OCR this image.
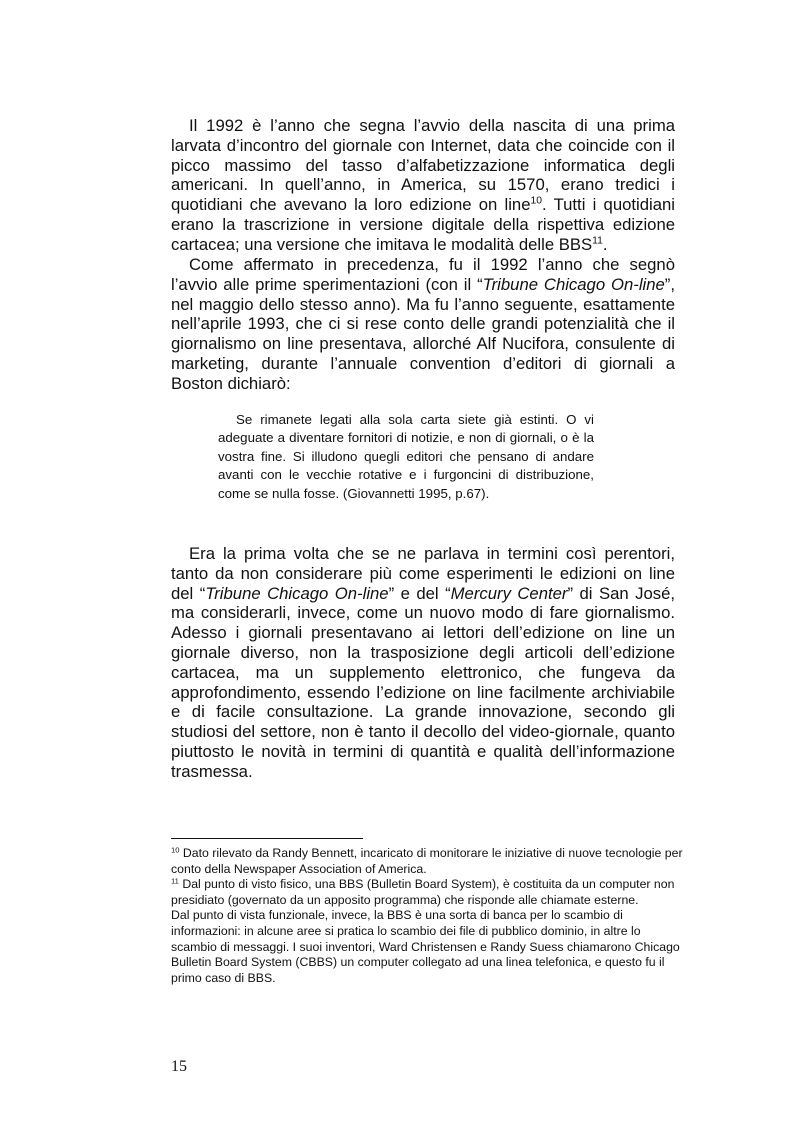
Il 1992 è l’anno che segna l’avvio della nascita di una prima larvata d’incontro del giornale con Internet, data che coincide con il picco massimo del tasso d’alfabetizzazione informatica degli americani. In quell’anno, in America, su 1570, erano tredici i quotidiani che avevano la loro edizione on line$^{10}$. Tutti i quotidiani erano la trascrizione in versione digitale della rispettiva edizione cartacea; una versione che imitava le modalità delle BBS$^{11}$.

Come affermato in precedenza, fu il 1992 l’anno che segnò l’avvio alle prime sperimentazioni (con il “Tribune Chicago On-line”, nel maggio dello stesso anno). Ma fu l’anno seguente, esattamente nell’aprile 1993, che ci si rese conto delle grandi potenzialità che il giornalismo on line presentava, allorché Alf Nucifora, consulente di marketing, durante l’annuale convention d’editori di giornali a Boston dichiarò:

Se rimanete legati alla sola carta siete già estinti. O vi adeguate a diventare fornitori di notizie, e non di giornali, o è la vostra fine. Si illudono quegli editori che pensano di andare avanti con le vecchie rotative e i furgoncini di distribuzione, come se nulla fosse. (Giovannetti 1995, p.67).

Era la prima volta che se ne parlava in termini così perentori, tanto da non considerare più come esperimenti le edizioni on line del “Tribune Chicago On-line” e del “Mercury Center” di San José, ma considerarli, invece, come un nuovo modo di fare giornalismo. Adesso i giornali presentavano ai lettori dell’edizione on line un giornale diverso, non la trasposizione degli articoli dell’edizione cartacea, ma un supplemento elettronico, che fungeva da approfondimento, essendo l’edizione on line facilmente archiviabile e di facile consultazione. La grande innovazione, secondo gli studiosi del settore, non è tanto il decollo del video-giornale, quanto piuttosto le novità in termini di quantità e qualità dell’informazione trasmessa.

$^{10}$ Dato rilevato da Randy Bennett, incaricato di monitorare le iniziative di nuove tecnologie per conto della Newspaper Association of America.

$^{11}$ Dal punto di visto fisico, una BBS (Bulletin Board System), è costituita da un computer non presidiato (governato da un apposito programma) che risponde alle chiamate esterne.

Dal punto di vista funzionale, invece, la BBS è una sorta di banca per lo scambio di informazioni: in alcune aree si pratica lo scambio dei file di pubblico dominio, in altre lo scambio di messaggi. I suoi inventori, Ward Christensen e Randy Suess chiamarono Chicago Bulletin Board System (CBBS) un computer collegato ad una linea telefonica, e questo fu il primo caso di BBS.

15
